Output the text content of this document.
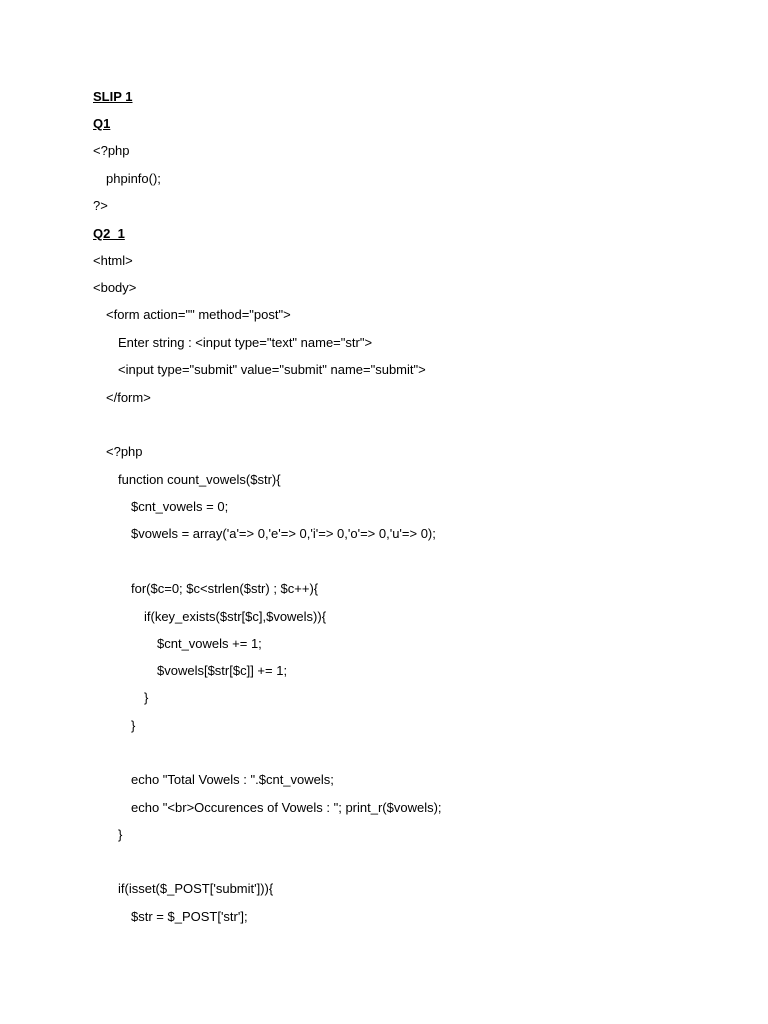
SLIP 1
Q1
<?php
phpinfo();
?>
Q2_1
<html>
<body>
<form action="" method="post">
Enter string : <input type="text" name="str">
<input type="submit" value="submit" name="submit">
</form>
<?php
function count_vowels($str){
$cnt_vowels = 0;
$vowels = array('a'=> 0,'e'=> 0,'i'=> 0,'o'=> 0,'u'=> 0);
for($c=0; $c<strlen($str) ; $c++){
if(key_exists($str[$c],$vowels)){
$cnt_vowels += 1;
$vowels[$str[$c]] += 1;
}
}
echo "Total Vowels : ".$cnt_vowels;
echo "<br>Occurences of Vowels : "; print_r($vowels);
}
if(isset($_POST['submit'])){
$str = $_POST['str'];
